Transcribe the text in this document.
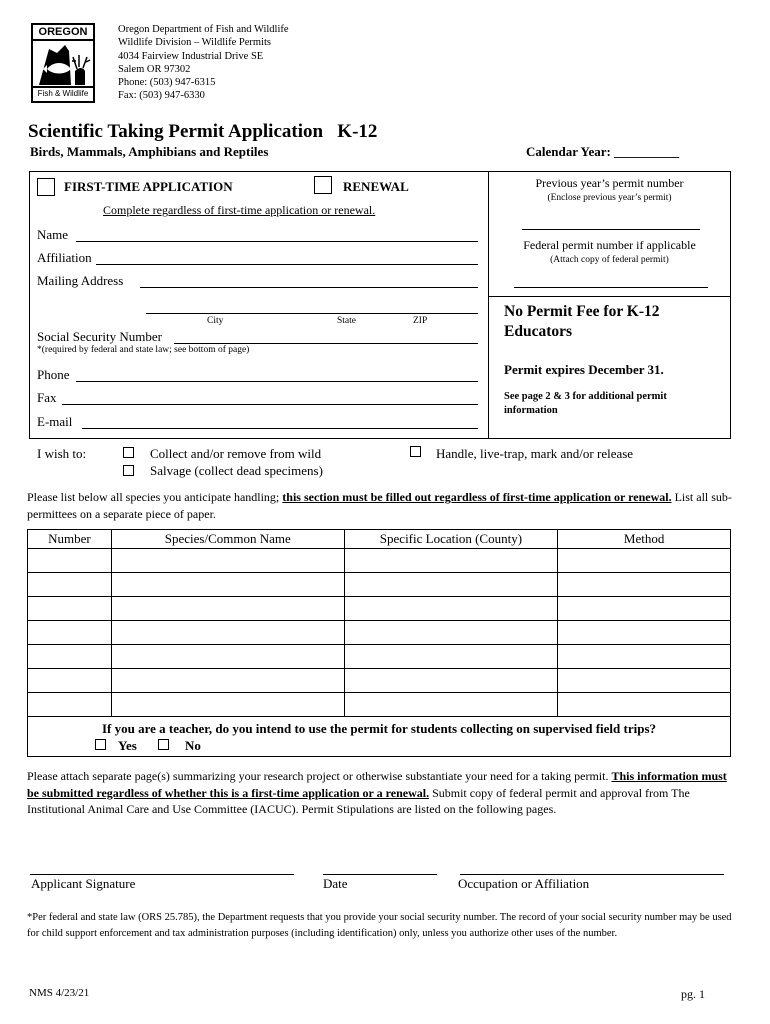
OREGON
Fish & Wildlife
Oregon Department of Fish and Wildlife
Wildlife Division – Wildlife Permits
4034 Fairview Industrial Drive SE
Salem OR 97302
Phone: (503) 947-6315
Fax: (503) 947-6330
Scientific Taking Permit Application   K-12
Birds, Mammals, Amphibians and Reptiles	Calendar Year: __________
FIRST-TIME APPLICATION	RENEWAL
Complete regardless of first-time application or renewal.
Name
Affiliation
Mailing Address
City	State	ZIP
Social Security Number
*(required by federal and state law; see bottom of page)
Phone
Fax
E-mail
Previous year’s permit number
(Enclose previous year’s permit)
Federal permit number if applicable
(Attach copy of federal permit)
No Permit Fee for K-12 Educators
Permit expires December 31.
See page 2 & 3 for additional permit information
I wish to:	Collect and/or remove from wild
Salvage (collect dead specimens)
Handle, live-trap, mark and/or release
Please list below all species you anticipate handling; this section must be filled out regardless of first-time application or renewal. List all sub-permittees on a separate piece of paper.
Number	Species/Common Name	Specific Location (County)	Method

If you are a teacher, do you intend to use the permit for students collecting on supervised field trips?
Yes	No
Please attach separate page(s) summarizing your research project or otherwise substantiate your need for a taking permit. This information must be submitted regardless of whether this is a first-time application or a renewal. Submit copy of federal permit and approval from The Institutional Animal Care and Use Committee (IACUC). Permit Stipulations are listed on the following pages.
Applicant Signature	Date	Occupation or Affiliation
*Per federal and state law (ORS 25.785), the Department requests that you provide your social security number. The record of your social security number may be used for child support enforcement and tax administration purposes (including identification) only, unless you authorize other uses of the number.
NMS 4/23/21	pg. 1
